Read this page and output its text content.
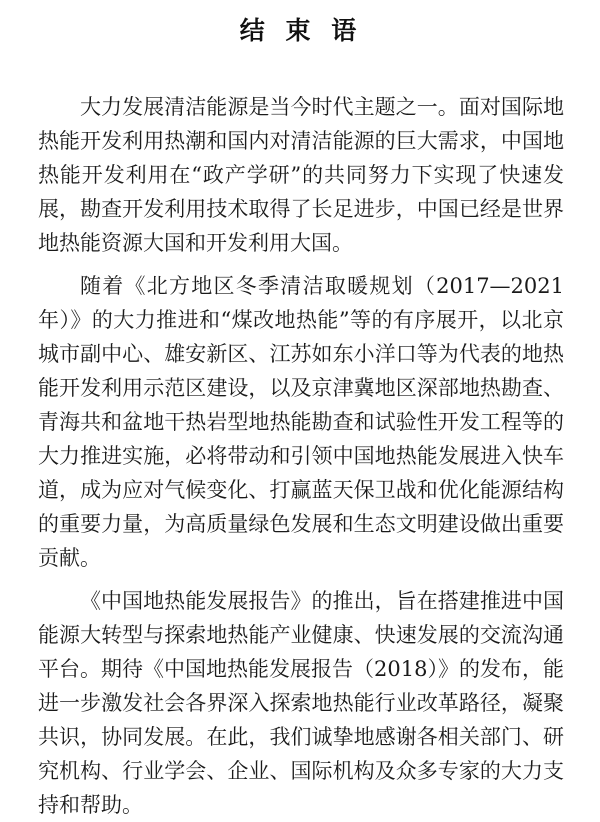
结 束 语

大力发展清洁能源是当今时代主题之一。面对国际地热能开发利用热潮和国内对清洁能源的巨大需求，中国地热能开发利用在“政产学研”的共同努力下实现了快速发展，勘查开发利用技术取得了长足进步，中国已经是世界地热能资源大国和开发利用大国。

随着《北方地区冬季清洁取暖规划（2017—2021年）》的大力推进和“煤改地热能”等的有序展开，以北京城市副中心、雄安新区、江苏如东小洋口等为代表的地热能开发利用示范区建设，以及京津冀地区深部地热勘查、青海共和盆地干热岩型地热能勘查和试验性开发工程等的大力推进实施，必将带动和引领中国地热能发展进入快车道，成为应对气候变化、打赢蓝天保卫战和优化能源结构的重要力量，为高质量绿色发展和生态文明建设做出重要贡献。

《中国地热能发展报告》的推出，旨在搭建推进中国能源大转型与探索地热能产业健康、快速发展的交流沟通平台。期待《中国地热能发展报告（2018）》的发布，能进一步激发社会各界深入探索地热能行业改革路径，凝聚共识，协同发展。在此，我们诚挚地感谢各相关部门、研究机构、行业学会、企业、国际机构及众多专家的大力支持和帮助。
